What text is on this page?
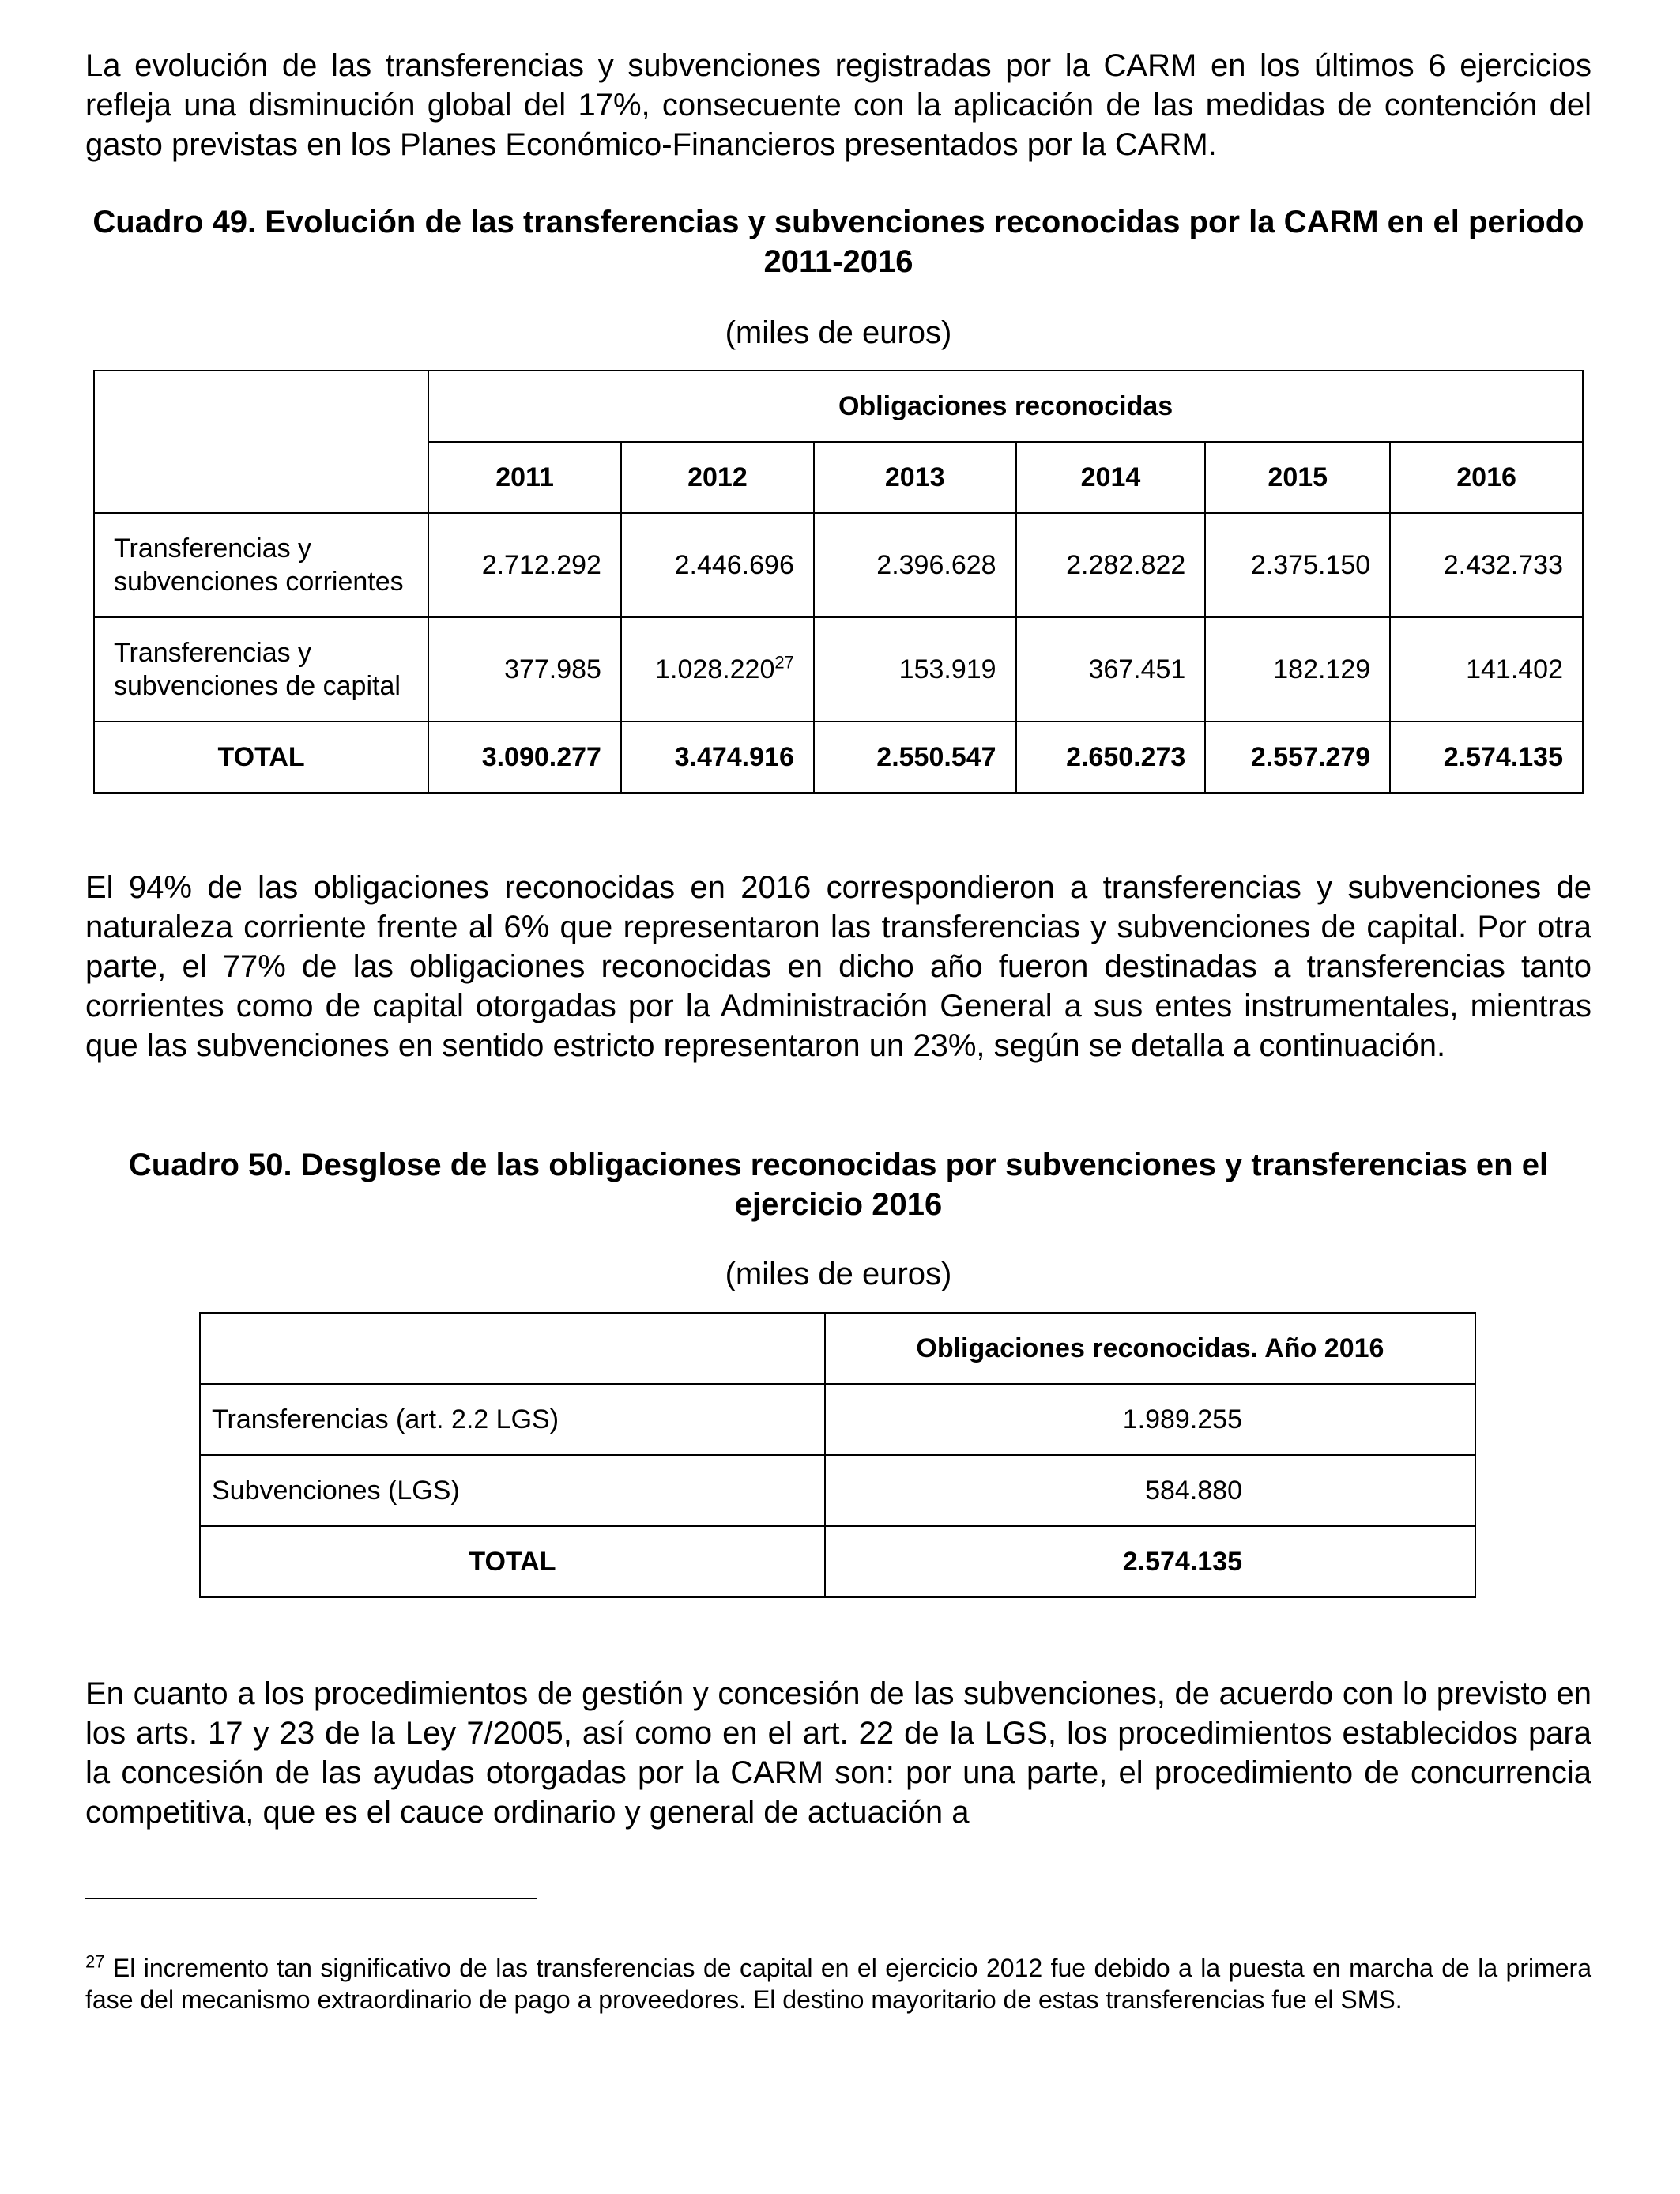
La evolución de las transferencias y subvenciones registradas por la CARM en los últimos 6 ejercicios refleja una disminución global del 17%, consecuente con la aplicación de las medidas de contención del gasto previstas en los Planes Económico-Financieros presentados por la CARM.

Cuadro 49. Evolución de las transferencias y subvenciones reconocidas por la CARM en el periodo 2011-2016

(miles de euros)

	Obligaciones reconocidas					
	2011	2012	2013	2014	2015	2016
Transferencias y subvenciones corrientes	2.712.292	2.446.696	2.396.628	2.282.822	2.375.150	2.432.733
Transferencias y subvenciones de capital	377.985	1.028.220$^{27}$	153.919	367.451	182.129	141.402
TOTAL	3.090.277	3.474.916	2.550.547	2.650.273	2.557.279	2.574.135

El 94% de las obligaciones reconocidas en 2016 correspondieron a transferencias y subvenciones de naturaleza corriente frente al 6% que representaron las transferencias y subvenciones de capital. Por otra parte, el 77% de las obligaciones reconocidas en dicho año fueron destinadas a transferencias tanto corrientes como de capital otorgadas por la Administración General a sus entes instrumentales, mientras que las subvenciones en sentido estricto representaron un 23%, según se detalla a continuación.

Cuadro 50. Desglose de las obligaciones reconocidas por subvenciones y transferencias en el ejercicio 2016

(miles de euros)

	Obligaciones reconocidas. Año 2016
Transferencias (art. 2.2 LGS)	1.989.255
Subvenciones (LGS)	584.880
TOTAL	2.574.135

En cuanto a los procedimientos de gestión y concesión de las subvenciones, de acuerdo con lo previsto en los arts. 17 y 23 de la Ley 7/2005, así como en el art. 22 de la LGS, los procedimientos establecidos para la concesión de las ayudas otorgadas por la CARM son: por una parte, el procedimiento de concurrencia competitiva, que es el cauce ordinario y general de actuación a

$^{27}$ El incremento tan significativo de las transferencias de capital en el ejercicio 2012 fue debido a la puesta en marcha de la primera fase del mecanismo extraordinario de pago a proveedores. El destino mayoritario de estas transferencias fue el SMS.
